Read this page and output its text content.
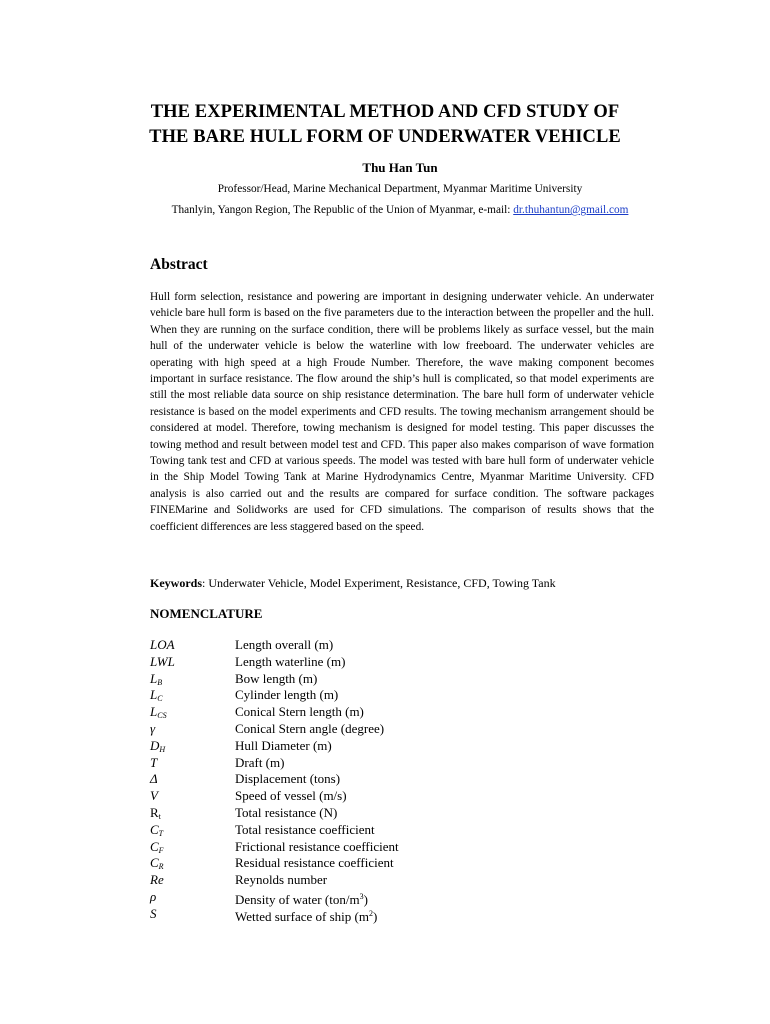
THE EXPERIMENTAL METHOD AND CFD STUDY OF
THE BARE HULL FORM OF UNDERWATER VEHICLE
Thu Han Tun
Professor/Head, Marine Mechanical Department, Myanmar Maritime University
Thanlyin, Yangon Region, The Republic of the Union of Myanmar, e-mail: dr.thuhantun@gmail.com
Abstract
Hull form selection, resistance and powering are important in designing underwater vehicle. An underwater vehicle bare hull form is based on the five parameters due to the interaction between the propeller and the hull. When they are running on the surface condition, there will be problems likely as surface vessel, but the main hull of the underwater vehicle is below the waterline with low freeboard. The underwater vehicles are operating with high speed at a high Froude Number. Therefore, the wave making component becomes important in surface resistance. The flow around the ship’s hull is complicated, so that model experiments are still the most reliable data source on ship resistance determination. The bare hull form of underwater vehicle resistance is based on the model experiments and CFD results. The towing mechanism arrangement should be considered at model. Therefore, towing mechanism is designed for model testing. This paper discusses the towing method and result between model test and CFD. This paper also makes comparison of wave formation Towing tank test and CFD at various speeds. The model was tested with bare hull form of underwater vehicle in the Ship Model Towing Tank at Marine Hydrodynamics Centre, Myanmar Maritime University. CFD analysis is also carried out and the results are compared for surface condition. The software packages FINEMarine and Solidworks are used for CFD simulations. The comparison of results shows that the coefficient differences are less staggered based on the speed.
Keywords: Underwater Vehicle, Model Experiment, Resistance, CFD, Towing Tank
NOMENCLATURE
LOA	Length overall (m)
LWL	Length waterline (m)
$L_B$	Bow length (m)
$L_C$	Cylinder length (m)
$L_{CS}$	Conical Stern length (m)
γ	Conical Stern angle (degree)
$D_H$	Hull Diameter (m)
T	Draft (m)
Δ	Displacement (tons)
V	Speed of vessel (m/s)
$R_t$	Total resistance (N)
$C_T$	Total resistance coefficient
$C_F$	Frictional resistance coefficient
$C_R$	Residual resistance coefficient
Re	Reynolds number
ρ	Density of water $(ton/m^3)$
S	Wetted surface of ship $(m^2)$
